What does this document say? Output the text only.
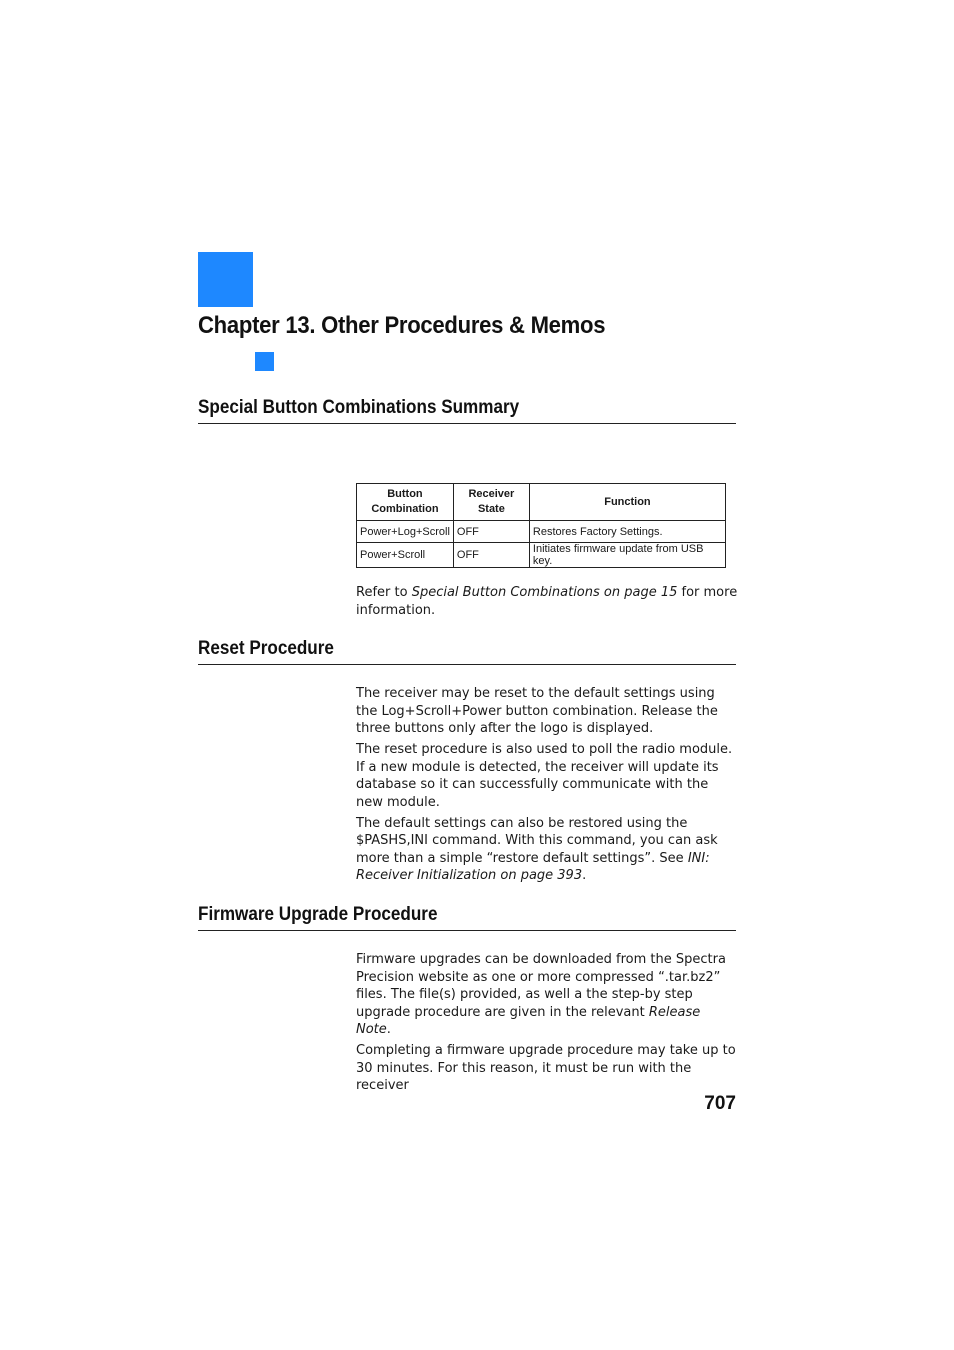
Chapter 13. Other Procedures & Memos
Special Button Combinations Summary
Button Combination	Receiver State	Function
Power+Log+Scroll	OFF	Restores Factory Settings.
Power+Scroll	OFF	Initiates firmware update from USB key.

Refer to Special Button Combinations on page 15 for more information.

Reset Procedure

The receiver may be reset to the default settings using the Log+Scroll+Power button combination. Release the three buttons only after the logo is displayed.

The reset procedure is also used to poll the radio module. If a new module is detected, the receiver will update its database so it can successfully communicate with the new module.

The default settings can also be restored using the $PASHS,INI command. With this command, you can ask more than a simple “restore default settings”. See INI: Receiver Initialization on page 393.

Firmware Upgrade Procedure

Firmware upgrades can be downloaded from the Spectra Precision website as one or more compressed “.tar.bz2” files. The file(s) provided, as well a the step-by step upgrade procedure are given in the relevant Release Note.

Completing a firmware upgrade procedure may take up to 30 minutes. For this reason, it must be run with the receiver

707
